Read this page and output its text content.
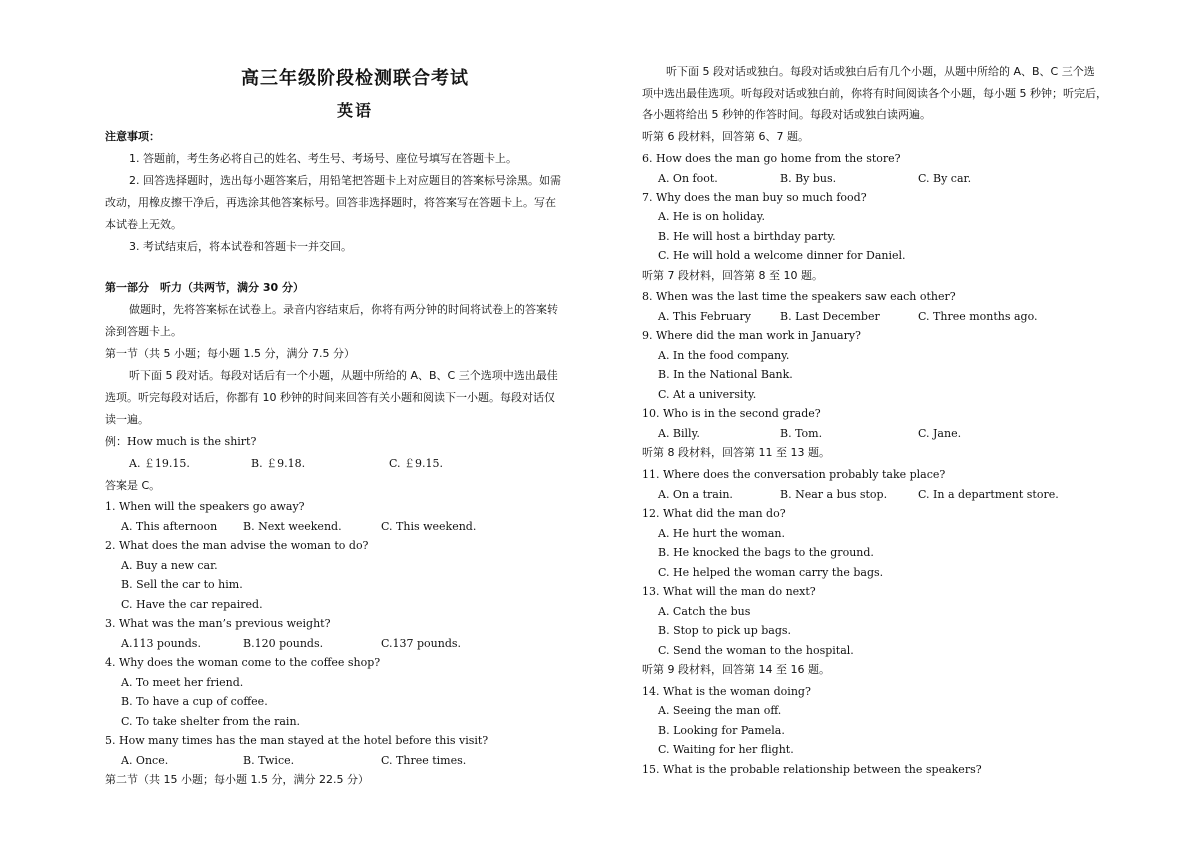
高三年级阶段检测联合考试
英语
注意事项：
1. 答题前，考生务必将自己的姓名、考生号、考场号、座位号填写在答题卡上。
2. 回答选择题时，选出每小题答案后，用铅笔把答题卡上对应题目的答案标号涂黑。如需
改动，用橡皮擦干净后，再选涂其他答案标号。回答非选择题时，将答案写在答题卡上。写在
本试卷上无效。
3. 考试结束后，将本试卷和答题卡一并交回。
第一部分　听力（共两节，满分 30 分）
做题时，先将答案标在试卷上。录音内容结束后，你将有两分钟的时间将试卷上的答案转
涂到答题卡上。
第一节（共 5 小题；每小题 1.5 分，满分 7.5 分）
听下面 5 段对话。每段对话后有一个小题，从题中所给的 A、B、C 三个选项中选出最佳
选项。听完每段对话后，你都有 10 秒钟的时间来回答有关小题和阅读下一小题。每段对话仅
读一遍。
例：How much is the shirt?
A. ￡19.15.	B. ￡9.18.	C. ￡9.15.
答案是 C。
1. When will the speakers go away?
A. This afternoon B. Next weekend.	C. This weekend.
2. What does the man advise the woman to do?
A. Buy a new car.
B. Sell the car to him.
C. Have the car repaired.
3. What was the man’s previous weight?
A.113 pounds.	B.120 pounds.	C.137 pounds.
4. Why does the woman come to the coffee shop?
A. To meet her friend.
B. To have a cup of coffee.
C. To take shelter from the rain.
5. How many times has the man stayed at the hotel before this visit?
A. Once.	B. Twice.	C. Three times.
第二节（共 15 小题；每小题 1.5 分，满分 22.5 分）
听下面 5 段对话或独白。每段对话或独白后有几个小题，从题中所给的 A、B、C 三个选
项中选出最佳选项。听每段对话或独白前，你将有时间阅读各个小题，每小题 5 秒钟；听完后，
各小题将给出 5 秒钟的作答时间。每段对话或独白读两遍。
听第 6 段材料，回答第 6、7 题。
6. How does the man go home from the store?
A. On foot.	B. By bus.	C. By car.
7. Why does the man buy so much food?
A. He is on holiday.
B. He will host a birthday party.
C. He will hold a welcome dinner for Daniel.
听第 7 段材料，回答第 8 至 10 题。
8. When was the last time the speakers saw each other?
A. This February	B. Last December	C. Three months ago.
9. Where did the man work in January?
A. In the food company.
B. In the National Bank.
C. At a university.
10. Who is in the second grade?
A. Billy.	B. Tom.	C. Jane.
听第 8 段材料，回答第 11 至 13 题。
11. Where does the conversation probably take place?
A. On a train.	B. Near a bus stop.	C. In a department store.
12. What did the man do?
A. He hurt the woman.
B. He knocked the bags to the ground.
C. He helped the woman carry the bags.
13. What will the man do next?
A. Catch the bus
B. Stop to pick up bags.
C. Send the woman to the hospital.
听第 9 段材料，回答第 14 至 16 题。
14. What is the woman doing?
A. Seeing the man off.
B. Looking for Pamela.
C. Waiting for her flight.
15. What is the probable relationship between the speakers?
